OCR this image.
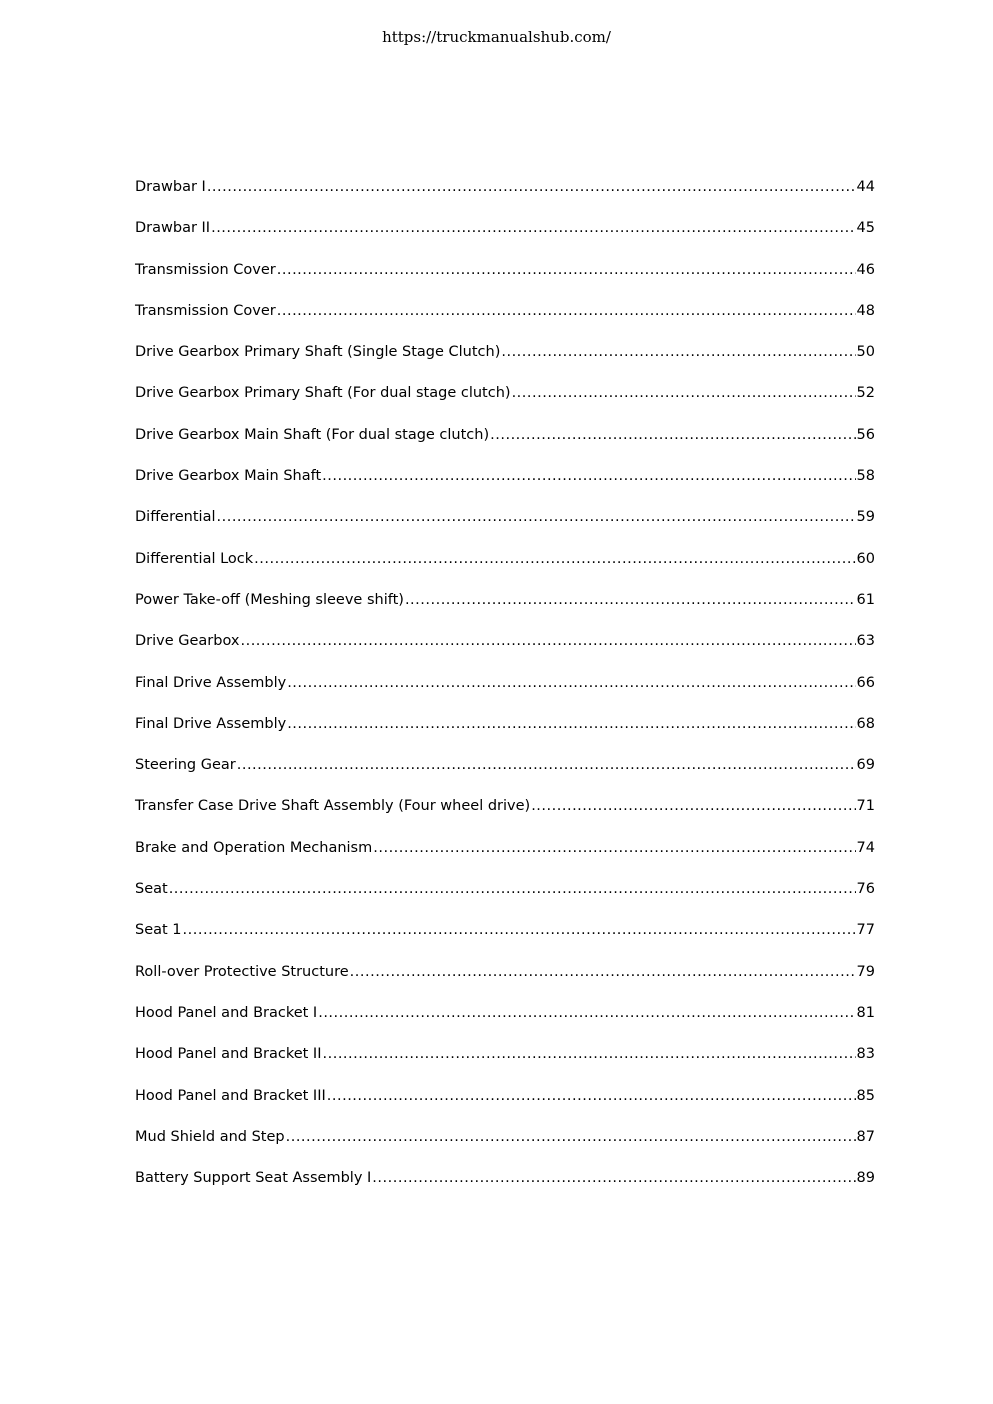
https://truckmanualshub.com/
Drawbar I .....	44
Drawbar II .....	45
Transmission Cover .....	46
Transmission Cover .....	48
Drive Gearbox Primary Shaft (Single Stage Clutch) .....	50
Drive Gearbox Primary Shaft (For dual stage clutch) .....	52
Drive Gearbox Main Shaft (For dual stage clutch) .....	56
Drive Gearbox Main Shaft .....	58
Differential .....	59
Differential Lock .....	60
Power Take-off (Meshing sleeve shift) .....	61
Drive Gearbox .....	63
Final Drive Assembly .....	66
Final Drive Assembly .....	68
Steering Gear .....	69
Transfer Case Drive Shaft Assembly (Four wheel drive) .....	71
Brake and Operation Mechanism .....	74
Seat .....	76
Seat 1 .....	77
Roll-over Protective Structure .....	79
Hood Panel and Bracket I .....	81
Hood Panel and Bracket II .....	83
Hood Panel and Bracket III .....	85
Mud Shield and Step .....	87
Battery Support Seat Assembly I .....	89
